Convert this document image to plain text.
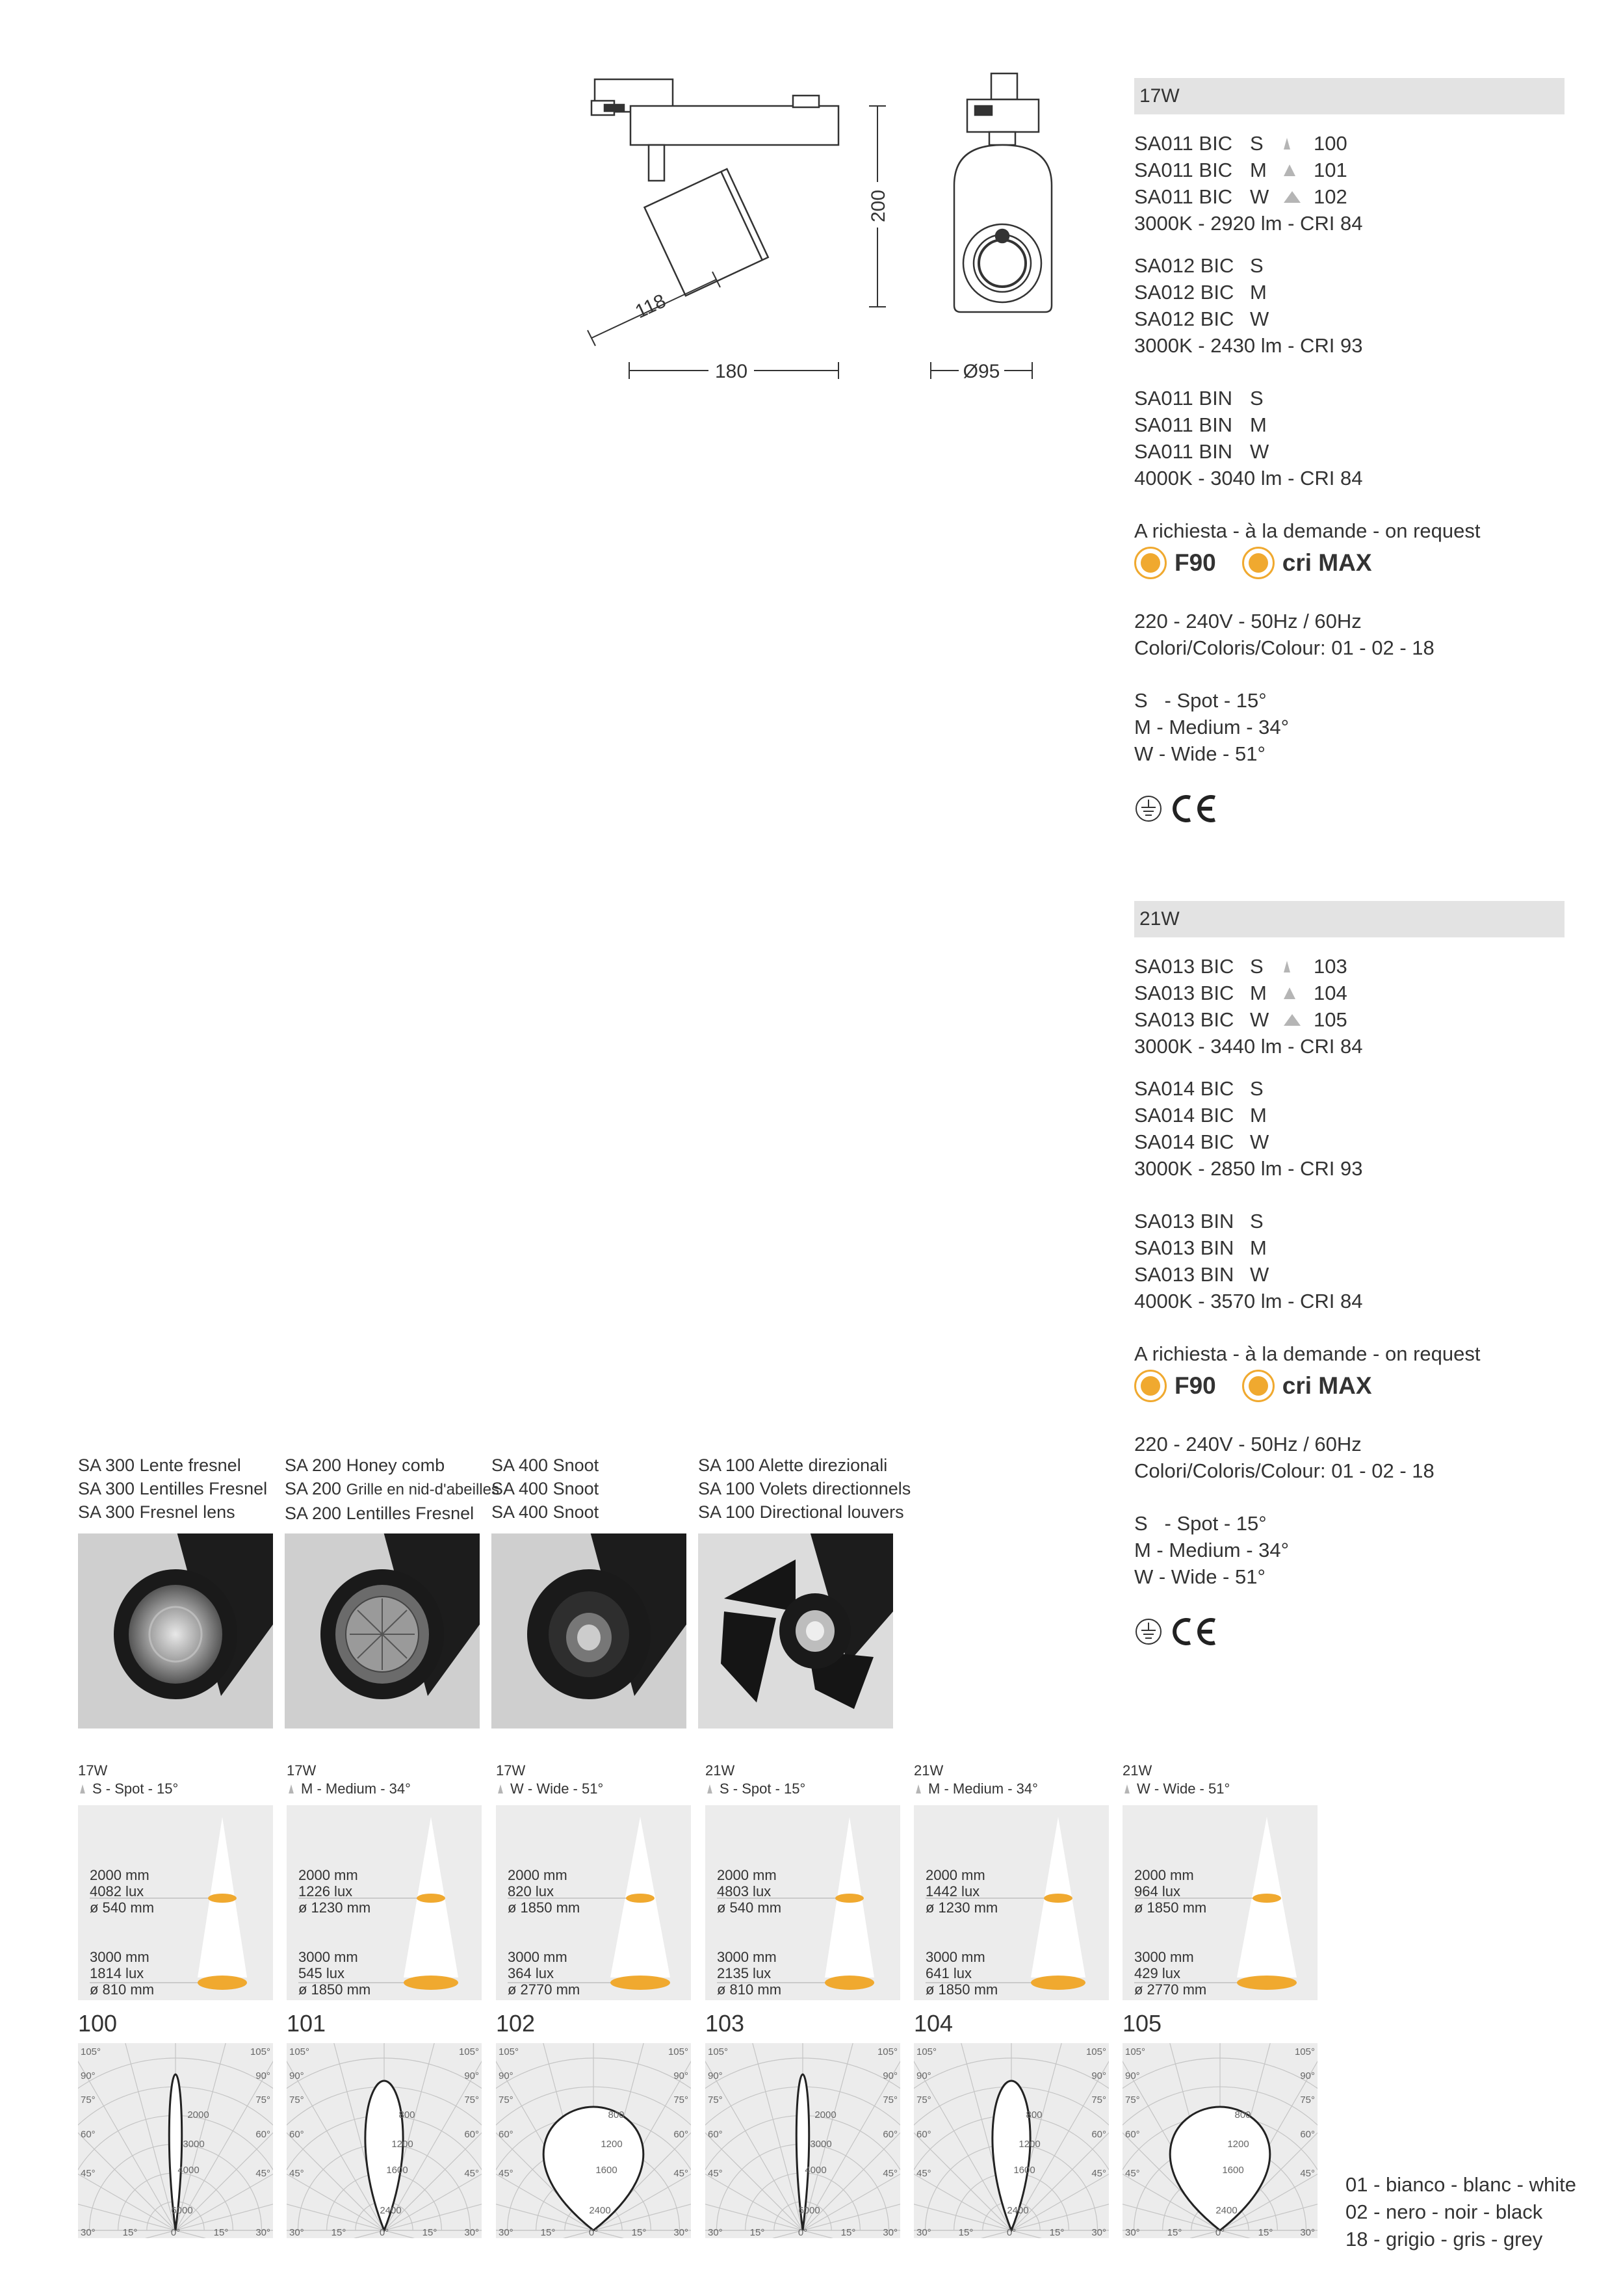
180
200
Ø95
118
17W
SA011 BIC S	100
SA011 BIC M	101
SA011 BIC W	102
3000K - 2920 lm - CRI 84
SA012 BIC S
SA012 BIC M
SA012 BIC W
3000K - 2430 lm - CRI 93
SA011 BIN S
SA011 BIN M
SA011 BIN W
4000K - 3040 lm - CRI 84
A richiesta - à la demande - on request
F90	cri MAX
220 - 240V - 50Hz / 60Hz
Colori/Coloris/Colour: 01 - 02 - 18
S   - Spot - 15°
M - Medium - 34°
W - Wide - 51°
21W
SA013 BIC S	103
SA013 BIC M	104
SA013 BIC W	105
3000K - 3440 lm - CRI 84
SA014 BIC S
SA014 BIC M
SA014 BIC W
3000K - 2850 lm - CRI 93
SA013 BIN S
SA013 BIN M
SA013 BIN W
4000K - 3570 lm - CRI 84
A richiesta - à la demande - on request
F90	cri MAX
220 - 240V - 50Hz / 60Hz
Colori/Coloris/Colour: 01 - 02 - 18
S   - Spot - 15°
M - Medium - 34°
W - Wide - 51°
SA 300 Lente fresnel
SA 300 Lentilles Fresnel
SA 300 Fresnel lens
SA 200 Honey comb
SA 200 Grille en nid-d'abeilles
SA 200 Lentilles Fresnel
SA 400 Snoot
SA 400 Snoot
SA 400 Snoot
SA 100 Alette direzionali
SA 100 Volets directionnels
SA 100 Directional louvers
17W
S - Spot - 15°
2000 mm
4082 lux
ø 540 mm
3000 mm
1814 lux
ø 810 mm
100
105°	105°
90°	90°
75°	75°
60°	60°
45°	45°
30°	30°
15°	15°
0°
2000
3000
4000
6000
17W
M - Medium - 34°
2000 mm
1226 lux
ø 1230 mm
3000 mm
545 lux
ø 1850 mm
101
105°	105°
90°	90°
75°	75°
60°	60°
45°	45°
30°	30°
15°	15°
0°
800
1200
1600
2400
17W
W - Wide - 51°
2000 mm
820 lux
ø 1850 mm
3000 mm
364 lux
ø 2770 mm
102
105°	105°
90°	90°
75°	75°
60°	60°
45°	45°
30°	30°
15°	15°
0°
800
1200
1600
2400
21W
S - Spot - 15°
2000 mm
4803 lux
ø 540 mm
3000 mm
2135 lux
ø 810 mm
103
105°	105°
90°	90°
75°	75°
60°	60°
45°	45°
30°	30°
15°	15°
0°
2000
3000
4000
6000
21W
M - Medium - 34°
2000 mm
1442 lux
ø 1230 mm
3000 mm
641 lux
ø 1850 mm
104
105°	105°
90°	90°
75°	75°
60°	60°
45°	45°
30°	30°
15°	15°
0°
800
1200
1600
2400
21W
W - Wide - 51°
2000 mm
964 lux
ø 1850 mm
3000 mm
429 lux
ø 2770 mm
105
105°	105°
90°	90°
75°	75°
60°	60°
45°	45°
30°	30°
15°	15°
0°
800
1200
1600
2400
01 - bianco - blanc - white
02 - nero - noir - black
18 - grigio - gris - grey
